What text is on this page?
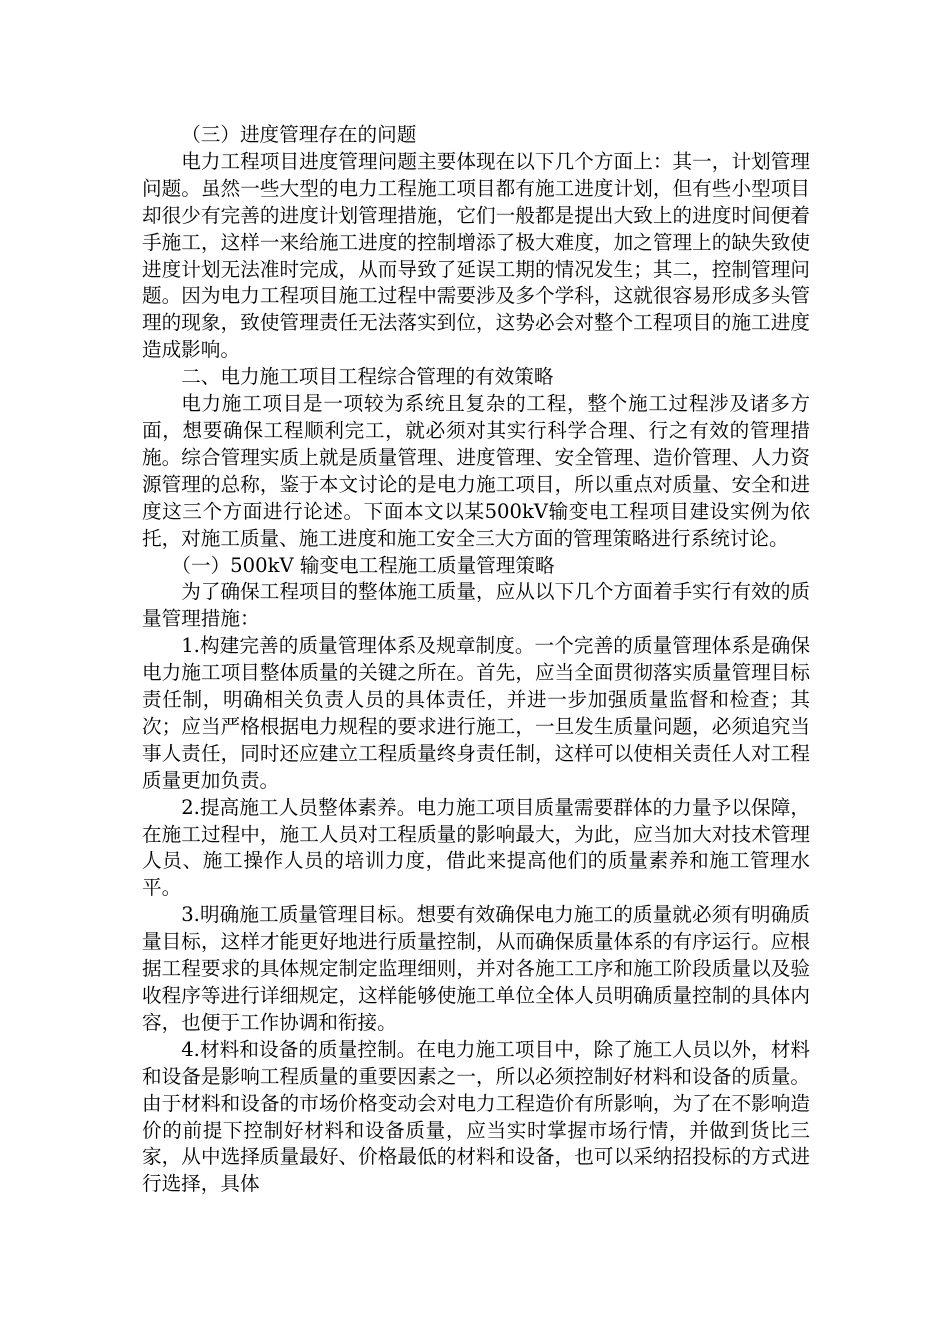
（三）进度管理存在的问题

电力工程项目进度管理问题主要体现在以下几个方面上：其一，计划管理问题。虽然一些大型的电力工程施工项目都有施工进度计划，但有些小型项目却很少有完善的进度计划管理措施，它们一般都是提出大致上的进度时间便着手施工，这样一来给施工进度的控制增添了极大难度，加之管理上的缺失致使进度计划无法准时完成，从而导致了延误工期的情况发生；其二，控制管理问题。因为电力工程项目施工过程中需要涉及多个学科，这就很容易形成多头管理的现象，致使管理责任无法落实到位，这势必会对整个工程项目的施工进度造成影响。

二、电力施工项目工程综合管理的有效策略

电力施工项目是一项较为系统且复杂的工程，整个施工过程涉及诸多方面，想要确保工程顺利完工，就必须对其实行科学合理、行之有效的管理措施。综合管理实质上就是质量管理、进度管理、安全管理、造价管理、人力资源管理的总称，鉴于本文讨论的是电力施工项目，所以重点对质量、安全和进度这三个方面进行论述。下面本文以某500kV输变电工程项目建设实例为依托，对施工质量、施工进度和施工安全三大方面的管理策略进行系统讨论。

（一）500kV 输变电工程施工质量管理策略

为了确保工程项目的整体施工质量，应从以下几个方面着手实行有效的质量管理措施：

1.构建完善的质量管理体系及规章制度。一个完善的质量管理体系是确保电力施工项目整体质量的关键之所在。首先，应当全面贯彻落实质量管理目标责任制，明确相关负责人员的具体责任，并进一步加强质量监督和检查；其次；应当严格根据电力规程的要求进行施工，一旦发生质量问题，必须追究当事人责任，同时还应建立工程质量终身责任制，这样可以使相关责任人对工程质量更加负责。

2.提高施工人员整体素养。电力施工项目质量需要群体的力量予以保障，在施工过程中，施工人员对工程质量的影响最大，为此，应当加大对技术管理人员、施工操作人员的培训力度，借此来提高他们的质量素养和施工管理水平。

3.明确施工质量管理目标。想要有效确保电力施工的质量就必须有明确质量目标，这样才能更好地进行质量控制，从而确保质量体系的有序运行。应根据工程要求的具体规定制定监理细则，并对各施工工序和施工阶段质量以及验收程序等进行详细规定，这样能够使施工单位全体人员明确质量控制的具体内容，也便于工作协调和衔接。

4.材料和设备的质量控制。在电力施工项目中，除了施工人员以外，材料和设备是影响工程质量的重要因素之一，所以必须控制好材料和设备的质量。由于材料和设备的市场价格变动会对电力工程造价有所影响，为了在不影响造价的前提下控制好材料和设备质量，应当实时掌握市场行情，并做到货比三家，从中选择质量最好、价格最低的材料和设备，也可以采纳招投标的方式进行选择，具体
